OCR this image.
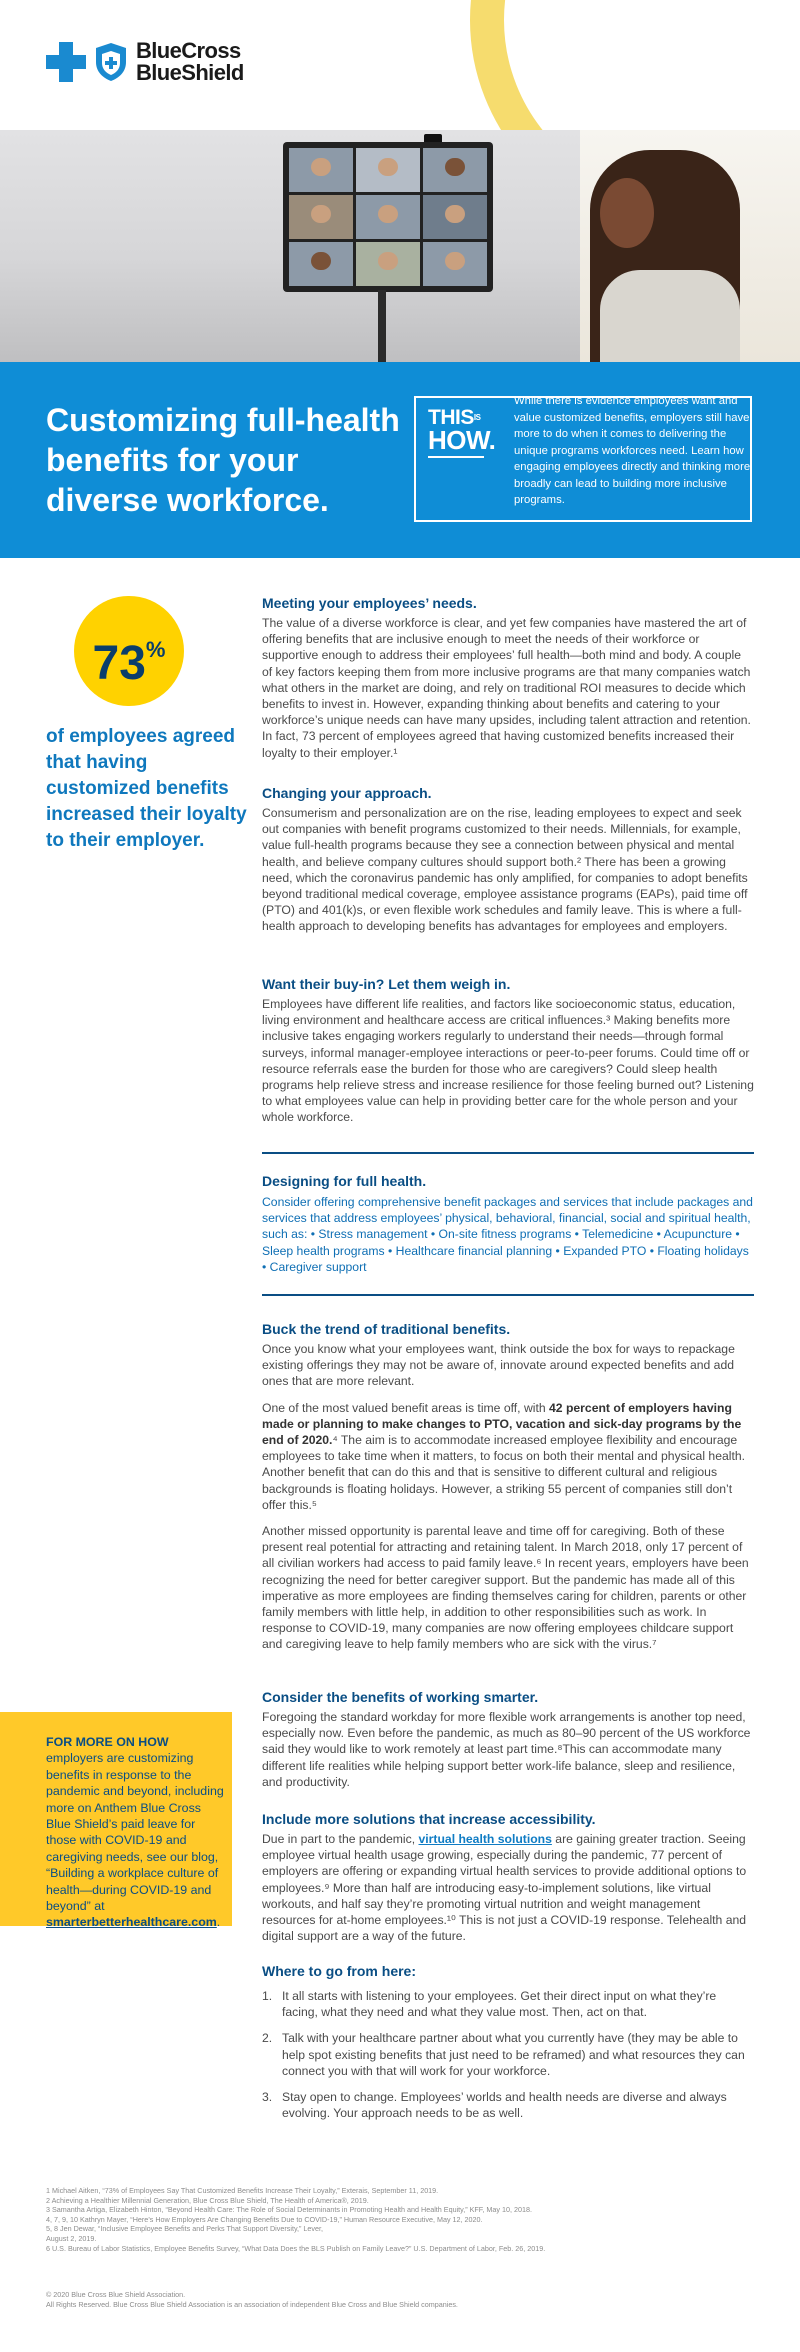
BlueCross
BlueShield
Customizing full-health benefits for your diverse workforce.
$THIS^{IS}$
HOW.

While there is evidence employees want and value customized benefits, employers still have more to do when it comes to delivering the unique programs workforces need. Learn how engaging employees directly and thinking more broadly can lead to building more inclusive programs.

73%

of employees agreed that having customized benefits increased their loyalty to their employer.

Meeting your employees’ needs.

The value of a diverse workforce is clear, and yet few companies have mastered the art of offering benefits that are inclusive enough to meet the needs of their workforce or supportive enough to address their employees’ full health—both mind and body. A couple of key factors keeping them from more inclusive programs are that many companies watch what others in the market are doing, and rely on traditional ROI measures to decide which benefits to invest in. However, expanding thinking about benefits and catering to your workforce’s unique needs can have many upsides, including talent attraction and retention. In fact, 73 percent of employees agreed that having customized benefits increased their loyalty to their employer.¹

Changing your approach.

Consumerism and personalization are on the rise, leading employees to expect and seek out companies with benefit programs customized to their needs. Millennials, for example, value full-health programs because they see a connection between physical and mental health, and believe company cultures should support both.² There has been a growing need, which the coronavirus pandemic has only amplified, for companies to adopt benefits beyond traditional medical coverage, employee assistance programs (EAPs), paid time off (PTO) and 401(k)s, or even flexible work schedules and family leave. This is where a full-health approach to developing benefits has advantages for employees and employers.

Want their buy-in? Let them weigh in.

Employees have different life realities, and factors like socioeconomic status, education, living environment and healthcare access are critical influences.³ Making benefits more inclusive takes engaging workers regularly to understand their needs—through formal surveys, informal manager-employee interactions or peer-to-peer forums. Could time off or resource referrals ease the burden for those who are caregivers? Could sleep health programs help relieve stress and increase resilience for those feeling burned out? Listening to what employees value can help in providing better care for the whole person and your whole workforce.

Designing for full health.

Consider offering comprehensive benefit packages and services that include packages and services that address employees’ physical, behavioral, financial, social and spiritual health, such as: • Stress management • On-site fitness programs • Telemedicine • Acupuncture • Sleep health programs • Healthcare financial planning • Expanded PTO • Floating holidays • Caregiver support

Buck the trend of traditional benefits.

Once you know what your employees want, think outside the box for ways to repackage existing offerings they may not be aware of, innovate around expected benefits and add ones that are more relevant.

One of the most valued benefit areas is time off, with 42 percent of employers having made or planning to make changes to PTO, vacation and sick-day programs by the end of 2020.⁴ The aim is to accommodate increased employee flexibility and encourage employees to take time when it matters, to focus on both their mental and physical health. Another benefit that can do this and that is sensitive to different cultural and religious backgrounds is floating holidays. However, a striking 55 percent of companies still don’t offer this.⁵

Another missed opportunity is parental leave and time off for caregiving. Both of these present real potential for attracting and retaining talent. In March 2018, only 17 percent of all civilian workers had access to paid family leave.⁶ In recent years, employers have been recognizing the need for better caregiver support. But the pandemic has made all of this imperative as more employees are finding themselves caring for children, parents or other family members with little help, in addition to other responsibilities such as work. In response to COVID-19, many companies are now offering employees childcare support and caregiving leave to help family members who are sick with the virus.⁷

FOR MORE ON HOW employers are customizing benefits in response to the pandemic and beyond, including more on Anthem Blue Cross Blue Shield’s paid leave for those with COVID-19 and caregiving needs, see our blog, “Building a workplace culture of health—during COVID-19 and beyond” at smarterbetterhealthcare.com.

Consider the benefits of working smarter.

Foregoing the standard workday for more flexible work arrangements is another top need, especially now. Even before the pandemic, as much as 80–90 percent of the US workforce said they would like to work remotely at least part time.⁸This can accommodate many different life realities while helping support better work-life balance, sleep and resilience, and productivity.

Include more solutions that increase accessibility.

Due in part to the pandemic, virtual health solutions are gaining greater traction. Seeing employee virtual health usage growing, especially during the pandemic, 77 percent of employers are offering or expanding virtual health services to provide additional options to employees.⁹ More than half are introducing easy-to-implement solutions, like virtual workouts, and half say they’re promoting virtual nutrition and weight management resources for at-home employees.¹⁰ This is not just a COVID-19 response. Telehealth and digital support are a way of the future.

Where to go from here:
1. It all starts with listening to your employees. Get their direct input on what they’re facing, what they need and what they value most. Then, act on that.
2. Talk with your healthcare partner about what you currently have (they may be able to help spot existing benefits that just need to be reframed) and what resources they can connect you with that will work for your workforce.
3. Stay open to change. Employees’ worlds and health needs are diverse and always evolving. Your approach needs to be as well.
1 Michael Aitken, “73% of Employees Say That Customized Benefits Increase Their Loyalty,” Exterais, September 11, 2019.
2 Achieving a Healthier Millennial Generation, Blue Cross Blue Shield, The Health of America®, 2019.
3 Samantha Artiga, Elizabeth Hinton, “Beyond Health Care: The Role of Social Determinants in Promoting Health and Health Equity,” KFF, May 10, 2018.
4, 7, 9, 10 Kathryn Mayer, “Here’s How Employers Are Changing Benefits Due to COVID-19,” Human Resource Executive, May 12, 2020.
5, 8 Jen Dewar, “Inclusive Employee Benefits and Perks That Support Diversity,” Lever,
August 2, 2019.
6 U.S. Bureau of Labor Statistics, Employee Benefits Survey, “What Data Does the BLS Publish on Family Leave?” U.S. Department of Labor, Feb. 26, 2019.
© 2020 Blue Cross Blue Shield Association.
All Rights Reserved. Blue Cross Blue Shield Association is an association of independent Blue Cross and Blue Shield companies.
